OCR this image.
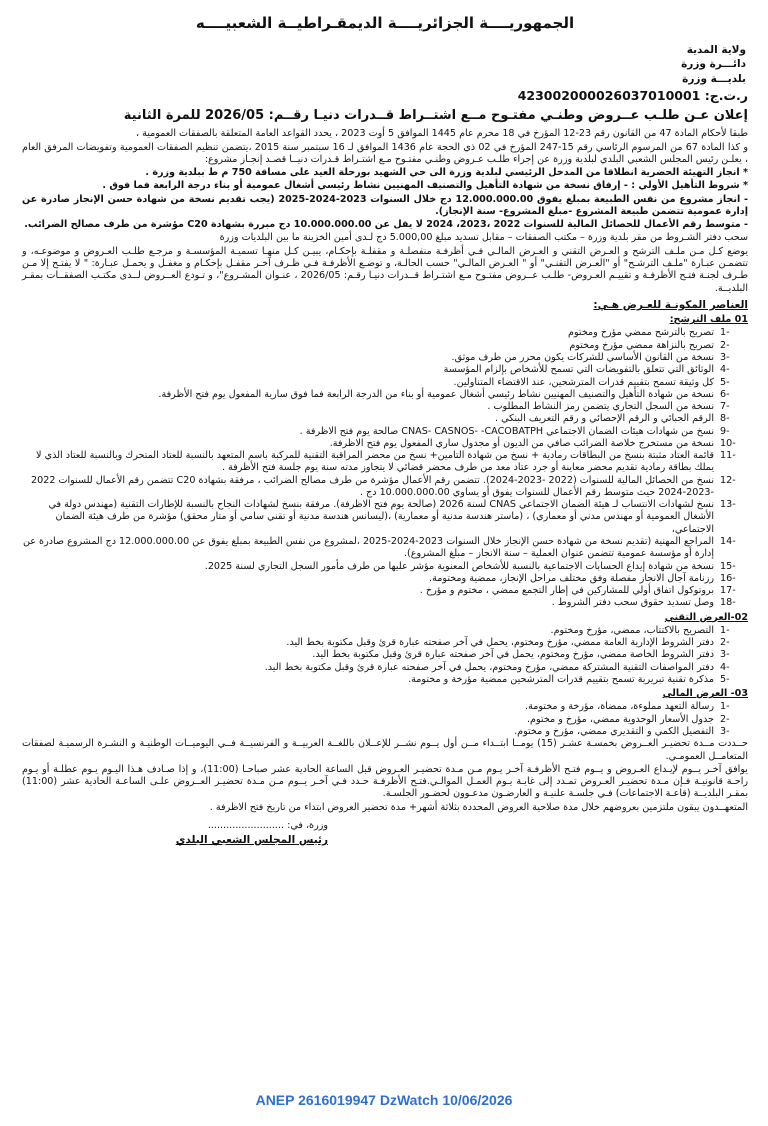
الجمهوريــــة الجزائريــــة الديمقـراطيــة الشعبيــــه
ولاية المدية
دائـــرة وزرة
بلديـــة وزرة
ر.ت.ج: 423002000026037010001
إعلان عـن طلـب عــروض وطنـي مفتـوح مــع اشتــراط قــدرات دنيـا رقــم: 2026/05 للمرة الثانية

طبقا لأحكام المادة 47 من القانون رقم 23-12 المؤرخ في 18 محرم عام 1445 الموافق 5 أوت 2023 ، يحدد القواعد العامة المتعلقة بالصفقات العمومية ،

و كذا المادة 67 من المرسوم الرئاسي رقم 15-247 المؤرخ في 02 ذي الحجة عام 1436 الموافق لـ 16 سبتمبر سنة 2015 ،يتضمن تنظيم الصفقات العمومية وتفويضات المرفق العام ، يعلـن رئيس المجلس الشعبي البلدي لبلدية وزرة عن إجراء طلـب عـروض وطنـي مفتـوح مـع اشتـراط قـدرات دنيــا قصـد إنجـاز مشروع:

* انجاز التهيئة الحضرية انطلاقا من المدخل الرئيسي لبلدية وزرة الى حي الشهيد بورحلة العيد على مسافة 750 م ط ببلدية وزرة .

* شروط التأهيل الأولي : - إرفاق نسخة من شهادة التأهيل والتصنيف المهنيين نشاط رئيسي أشغال عمومية أو بناء درجة الرابعة فما فوق .

- انجاز مشروع من نفس الطبيعة بمبلغ يفوق 12.000.000.00 دج خلال السنوات 2023-2024-2025 (يجب تقديم نسخة من شهادة حسن الإنجاز صادرة عن إدارة عمومية تتضمن طبيعة المشروع -مبلغ المشروع- سنة الإنجاز).

- متوسط رقم الأعمال للحصائل المالية للسنوات 2022 ،2023، 2024 لا يقل عن 10.000.000.00 دج مبررة بشهادة C20 مؤشرة من طرف مصالح الضرائب.

سحب دفتر الشـروط من مقر بلدية وزرة – مكتب الصفقات – مقابل تسديد مبلغ 5.000,00 دج لـدى أمين الخزينة ما بين البلديات وزرة

يوضع كـل مـن ملـف الترشح و العـرض التقني و العـرض المالـي فـي أظرفـة منفصلـة و مقفلـة بإحكـام، يبيـن كـل منهـا تسميـة المؤسسـة و مرجـع طلـب العـروض و موضوعـه، و تتضمـن عبـارة "ملـف الترشـح" أو "العـرض التقنـي" أو " العـرض المالـي" حسب الحالـة، و توضـع الأظرفـة فـي ظـرف آخـر مقفـل بإحكـام و مغفـل و يحمـل عبـارة: " لا يفتـح إلا مـن طـرف لجنـة فتـح الأظرفـة و تقييـم العـروض- طلـب عــروض مفتـوح مـع اشتـراط قــدرات دنيـا رقـم: 2026/05 ، عنـوان المشـروع"، و تـودع العــروض لــدى مكتـب الصفقــات بمقـر البلديــة.

العناصر المكونـة للعـرض هـي:
01 ملف الترشح:
1-
تصريح بالترشح ممضي مؤرخ ومختوم
2-
تصريح بالنزاهة ممضي مؤرخ ومختوم
3-
نسخة من القانون الأساسي للشركات يكون محرر من طرف موثق.
4-
الوثائق التي تتعلق بالتفويضات التي تسمح للأشخاص بإلزام المؤسسة
5-
كل وثيقة تسمح بتقييم قدرات المترشحين، عند الاقتضاء المتناولين.
6-
نسخة من شهادة التأهيل والتصنيف المهنيين نشاط رئيسي أشغال عمومية أو بناء من الدرجة الرابعة فما فوق سارية المفعول يوم فتح الأظرفة.
7-
نسخة من السجل التجاري يتضمن رمز النشاط المطلوب .
8-
الرقم الجبائي و الرقم الإحصائي و رقم التعريف البنكي .
9-
نسخ من شهادات هيئات الضمان الاجتماعي CNAS- CASNOS- -CACOBATPH صالحة يوم فتح الاظرفة .
10-
نسخة من مستخرج خلاصة الضرائب صافي من الديون أو مجدول ساري المفعول يوم فتح الاظرفة.
11-
قائمة العتاد مثبتة بنسخ من البطاقات رمادية + نسخ من شهادة التامين+ نسخ من محضر المراقبة التقنية للمركبة باسم المتعهد بالنسبة للعتاد المتحرك وبالنسبة للعتاد الذي لا يملك بطاقة رمادية تقديم محضر معاينة أو جرد عتاد معد من طرف محضر قضائي لا يتجاوز مدته سنة يوم جلسة فتح الأظرفة .
12-
نسخ من الحصائل المالية للسنوات (2022 -2023-2024). تتضمن رقم الأعمال مؤشرة من طرف مصالح الضرائب ، مرفقة بشهادة C20 تتضمن رقم الأعمال للسنوات 2022 -2023-2024 حيث متوسط رقم الأعمال للسنوات يفوق أو يساوي 10.000.000.00 دج .
13-
نسخ لشهادات الانتساب لـ هيئة الضمان الاجتماعي CNAS لسنة 2026 (صالحة يوم فتح الاظرفة). مرفقة بنسخ لشهادات النجاح بالنسبة للإطارات التقنية (مهندس دولة في الأشغال العمومية أو مهندس مدني أو معماري) ، (ماستر هندسة مدنية أو معمارية) ،(ليسانس هندسة مدنية أو تقني سامي أو متار محقق) مؤشرة من طرف هيئة الضمان الاجتماعي،
14-
المراجع المهنية (تقديم نسخة من شهادة حسن الإنجاز خلال السنوات 2023-2024-2025 ،لمشروع من نفس الطبيعة بمبلغ يفوق عن 12.000.000.00 دج المشروع صادرة عن إدارة أو مؤسسة عمومية تتضمن عنوان العملية – سنة الانجاز – مبلغ المشروع).
15-
نسخة من شهادة إيداع الحسابات الاجتماعية بالنسبة للأشخاص المعنوية مؤشر عليها من طرف مأمور السجل التجاري لسنة 2025.
16-
رزنامة آجال الانجاز مفصلة وفق مختلف مراحل الإنجاز، ممضية ومختومة.
17-
بروتوكول اتفاق أولي للمشاركين في إطار التجمع ممضي ، مختوم و مؤرخ .
18-
وصل تسديد حقوق سحب دفتر الشروط .
02-العرض التقني
1-
التصريح بالاكتتاب، ممضي، مؤرخ ومختوم.
2-
دفتر الشروط الإدارية العامة ممضي، مؤرخ ومختوم، يحمل في آخر صفحته عبارة قرئ وقبل مكتوبة بخط اليد.
3-
دفتر الشروط الخاصة ممضي، مؤرخ ومختوم، يحمل في آخر صفحته عبارة قرئ وقبل مكتوبة بخط اليد.
4-
دفتر المواصفات التقنية المشتركة ممضي، مؤرخ ومختوم، يحمل في آخر صفحته عبارة قرئ وقبل مكتوبة بخط اليد.
5-
مذكرة تقنية تبريرية تسمح بتقييم قدرات المترشحين ممضية مؤرخة و مختومة.
03- العرض المالي
1-
رسالة التعهد مملوءة، ممضاة، مؤرخة و مختومة.
2-
جدول الأسعار الوحدوية ممضي، مؤرخ و مختوم.
3-
التفصيل الكمي و التقديري ممضي، مؤرخ و مختوم.

حــددت مــدة تحضيـر العــروض بخمسـة عشـر (15) يومــا ابتــداء مــن أول يــوم نشــر للإعــلان باللغــة العربيــة و الفرنسيــة فــي اليوميــات الوطنيـة و النشـرة الرسميـة لصفقات المتعامــل العمومـي.

يوافق آخـر يــوم لإيـداع العـروض و يــوم فتـح الأظرفـة آخـر يـوم مـن مـدة تحضيـر العـروض قبل الساعة الحادية عشر صباحـا (11:00)، و إذا صـادف هـذا اليـوم يـوم عطلـة أو يـوم راحـة قانونيـة فـإن مـدة تحضيـر العـروض تمـدد إلى غايـة يـوم العمـل الموالـي.فتـح الأظرفـة حـدد فـي آخـر يــوم مـن مـدة تحضيـر العــروض علـى الساعـة الحادية عشر (11:00) بمقـر البلديــة (قاعـة الاجتماعات) فـي جلسـة علنيـة و العارضـون مدعـوون لحضـور الجلسـة.

المتعهــدون يبقون ملتزمين بعروضهم خلال مدة صلاحية العروض المحددة بثلاثة أشهر+ مدة تحضير العروض ابتداء من تاريخ فتح الاظرفة .

وزرة، في: .........................
رئيس المجلس الشعبي البلدي
ANEP 2616019947 DzWatch 10/06/2026
